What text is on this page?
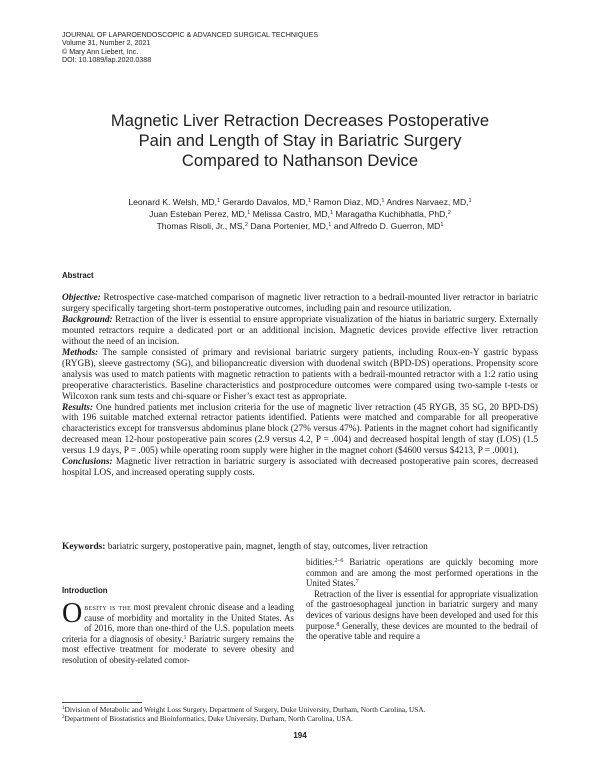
JOURNAL OF LAPAROENDOSCOPIC & ADVANCED SURGICAL TECHNIQUES
Volume 31, Number 2, 2021
© Mary Ann Liebert, Inc.
DOI: 10.1089/lap.2020.0388
Magnetic Liver Retraction Decreases Postoperative
Pain and Length of Stay in Bariatric Surgery
Compared to Nathanson Device
Leonard K. Welsh, MD,$^1$ Gerardo Davalos, MD,$^1$ Ramon Diaz, MD,$^1$ Andres Narvaez, MD,$^1$
Juan Esteban Perez, MD,$^1$ Melissa Castro, MD,$^1$ Maragatha Kuchibhatla, PhD,$^2$
Thomas Risoli, Jr., MS,$^2$ Dana Portenier, MD,$^1$ and Alfredo D. Guerron, $MD^1$
Abstract

Objective: Retrospective case-matched comparison of magnetic liver retraction to a bedrail-mounted liver retractor in bariatric surgery specifically targeting short-term postoperative outcomes, including pain and resource utilization.

Background: Retraction of the liver is essential to ensure appropriate visualization of the hiatus in bariatric surgery. Externally mounted retractors require a dedicated port or an additional incision. Magnetic devices provide effective liver retraction without the need of an incision.

Methods: The sample consisted of primary and revisional bariatric surgery patients, including Roux-en-Y gastric bypass (RYGB), sleeve gastrectomy (SG), and biliopancreatic diversion with duodenal switch (BPD-DS) operations. Propensity score analysis was used to match patients with magnetic retraction to patients with a bedrail-mounted retractor with a 1:2 ratio using preoperative characteristics. Baseline characteristics and postprocedure outcomes were compared using two-sample t-tests or Wilcoxon rank sum tests and chi-square or Fisher’s exact test as appropriate.

Results: One hundred patients met inclusion criteria for the use of magnetic liver retraction (45 RYGB, 35 SG, 20 BPD-DS) with 196 suitable matched external retractor patients identified. Patients were matched and comparable for all preoperative characteristics except for transversus abdominus plane block (27% versus 47%). Patients in the magnet cohort had significantly decreased mean 12-hour postoperative pain scores (2.9 versus 4.2, P = .004) and decreased hospital length of stay (LOS) (1.5 versus 1.9 days, P = .005) while operating room supply were higher in the magnet cohort ($4600 versus $4213, P = .0001).

Conclusions: Magnetic liver retraction in bariatric surgery is associated with decreased postoperative pain scores, decreased hospital LOS, and increased operating supply costs.

Keywords: bariatric surgery, postoperative pain, magnet, length of stay, outcomes, liver retraction
Introduction

Obesity is the most prevalent chronic disease and a leading cause of morbidity and mortality in the United States. As of 2016, more than one-third of the U.S. population meets criteria for a diagnosis of obesity.$^1$ Bariatric surgery remains the most effective treatment for moderate to severe obesity and resolution of obesity-related comor-

bidities.$^{2-6}$ Bariatric operations are quickly becoming more common and are among the most performed operations in the United States.$^7$

Retraction of the liver is essential for appropriate visualization of the gastroesophageal junction in bariatric surgery and many devices of various designs have been developed and used for this purpose.$^8$ Generally, these devices are mounted to the bedrail of the operative table and require a

$^1$Division of Metabolic and Weight Loss Surgery, Department of Surgery, Duke University, Durham, North Carolina, USA.
$^2$Department of Biostatistics and Bioinformatics, Duke University, Durham, North Carolina, USA.
194
